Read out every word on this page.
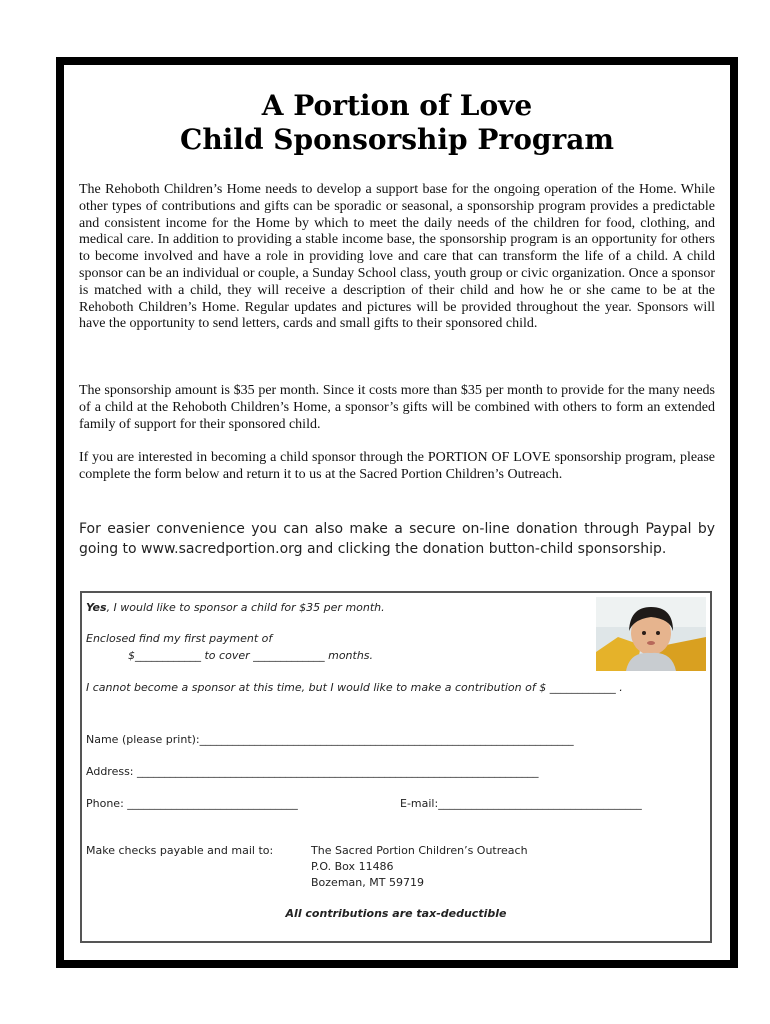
A Portion of Love
Child Sponsorship Program

The Rehoboth Children’s Home needs to develop a support base for the ongoing operation of the Home. While other types of contributions and gifts can be sporadic or seasonal, a sponsorship program provides a predictable and consistent income for the Home by which to meet the daily needs of the children for food, clothing, and medical care. In addition to providing a stable income base, the sponsorship program is an opportunity for others to become involved and have a role in providing love and care that can transform the life of a child. A child sponsor can be an individual or couple, a Sunday School class, youth group or civic organization. Once a sponsor is matched with a child, they will receive a description of their child and how he or she came to be at the Rehoboth Children’s Home. Regular updates and pictures will be provided throughout the year. Sponsors will have the opportunity to send letters, cards and small gifts to their sponsored child.

The sponsorship amount is $35 per month. Since it costs more than $35 per month to provide for the many needs of a child at the Rehoboth Children’s Home, a sponsor’s gifts will be combined with others to form an extended family of support for their sponsored child.

If you are interested in becoming a child sponsor through the PORTION OF LOVE sponsorship program, please complete the form below and return it to us at the Sacred Portion Children’s Outreach.

For easier convenience you can also make a secure on-line donation through Paypal by going to www.sacredportion.org and clicking the donation button-child sponsorship.

Yes, I would like to sponsor a child for $35 per month.
Enclosed find my first payment of
$____________ to cover _____________ months.
I cannot become a sponsor at this time, but I would like to make a contribution of $ ____________ .
Name (please print):____________________________________________________________________
Address: _________________________________________________________________________
Phone: _______________________________	E-mail:_____________________________________
Make checks payable and mail to:	The Sacred Portion Children’s Outreach
P.O. Box 11486
Bozeman, MT 59719
All contributions are tax-deductible
